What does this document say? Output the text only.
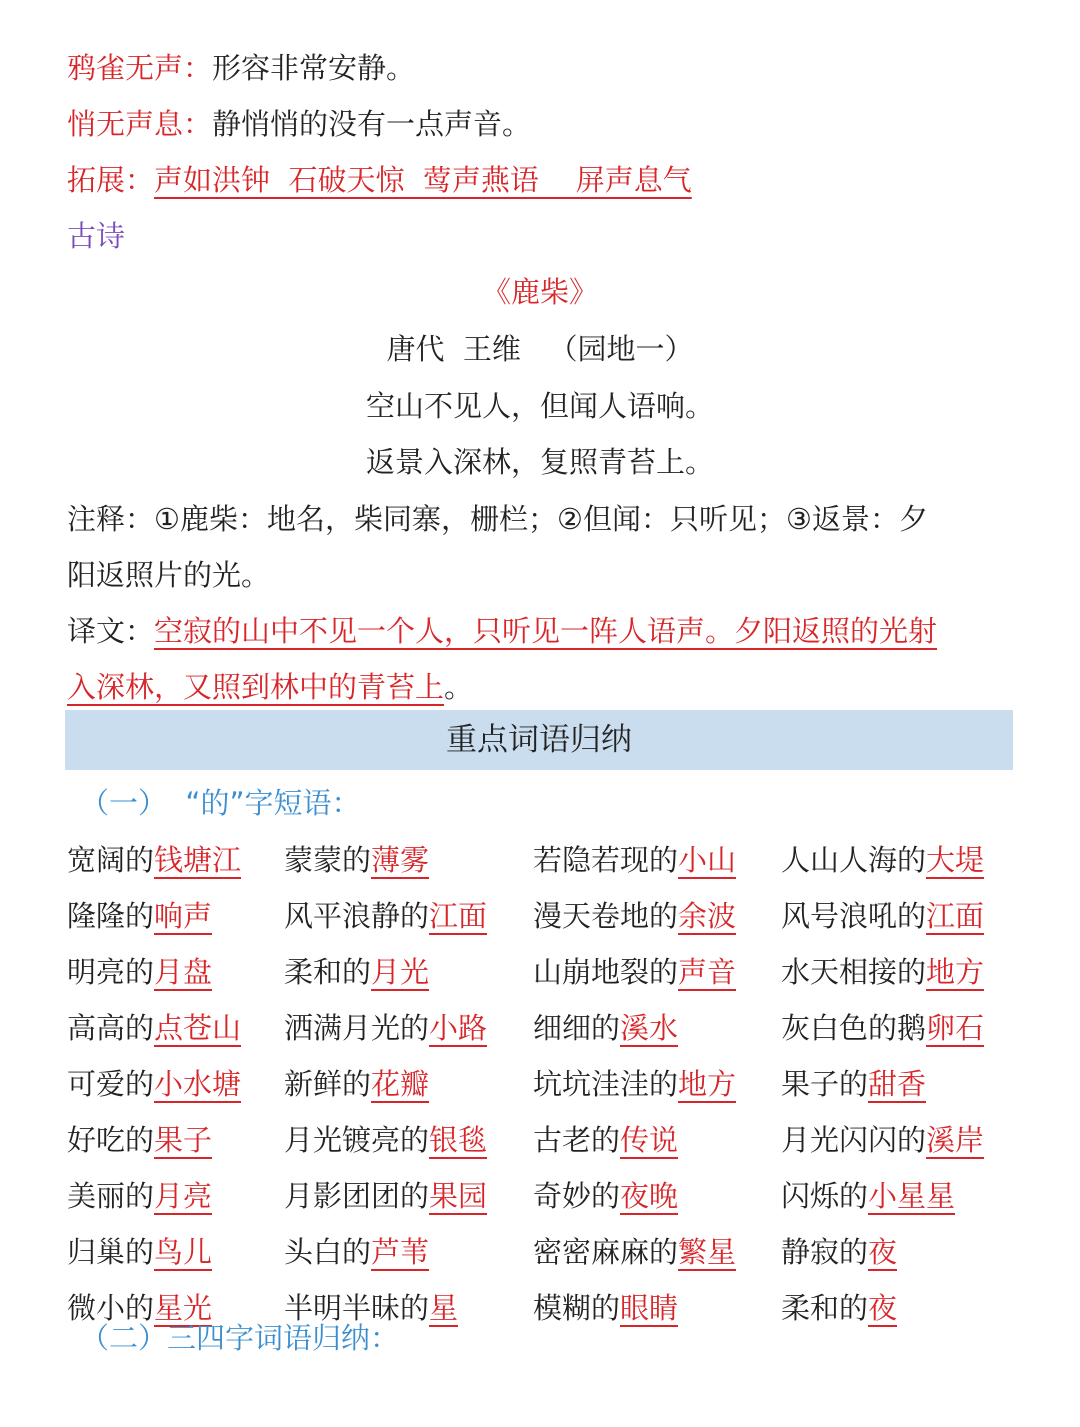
鸦雀无声：形容非常安静。
悄无声息：静悄悄的没有一点声音。
拓展：声如洪钟  石破天惊  莺声燕语    屏声息气
古诗
《鹿柴》
唐代  王维   （园地一）
空山不见人，但闻人语响。
返景入深林，复照青苔上。
注释：①鹿柴：地名，柴同寨，栅栏；②但闻：只听见；③返景：夕
阳返照片的光。
译文：空寂的山中不见一个人，只听见一阵人语声。夕阳返照的光射
入深林，又照到林中的青苔上。
重点词语归纳
（一）  “的”字短语：
宽阔的钱塘江 蒙蒙的薄雾	若隐若现的小山 人山人海的大堤
隆隆的响声 风平浪静的江面 漫天卷地的余波 风号浪吼的江面
明亮的月盘 柔和的月光	山崩地裂的声音 水天相接的地方
高高的点苍山 洒满月光的小路 细细的溪水	灰白色的鹅卵石
可爱的小水塘 新鲜的花瓣	坑坑洼洼的地方 果子的甜香
好吃的果子 月光镀亮的银毯 古老的传说	月光闪闪的溪岸
美丽的月亮 月影团团的果园 奇妙的夜晚	闪烁的小星星
归巢的鸟儿 头白的芦苇	密密麻麻的繁星 静寂的夜
微小的星光 半明半昧的星	模糊的眼睛	柔和的夜
（二）三四字词语归纳：
